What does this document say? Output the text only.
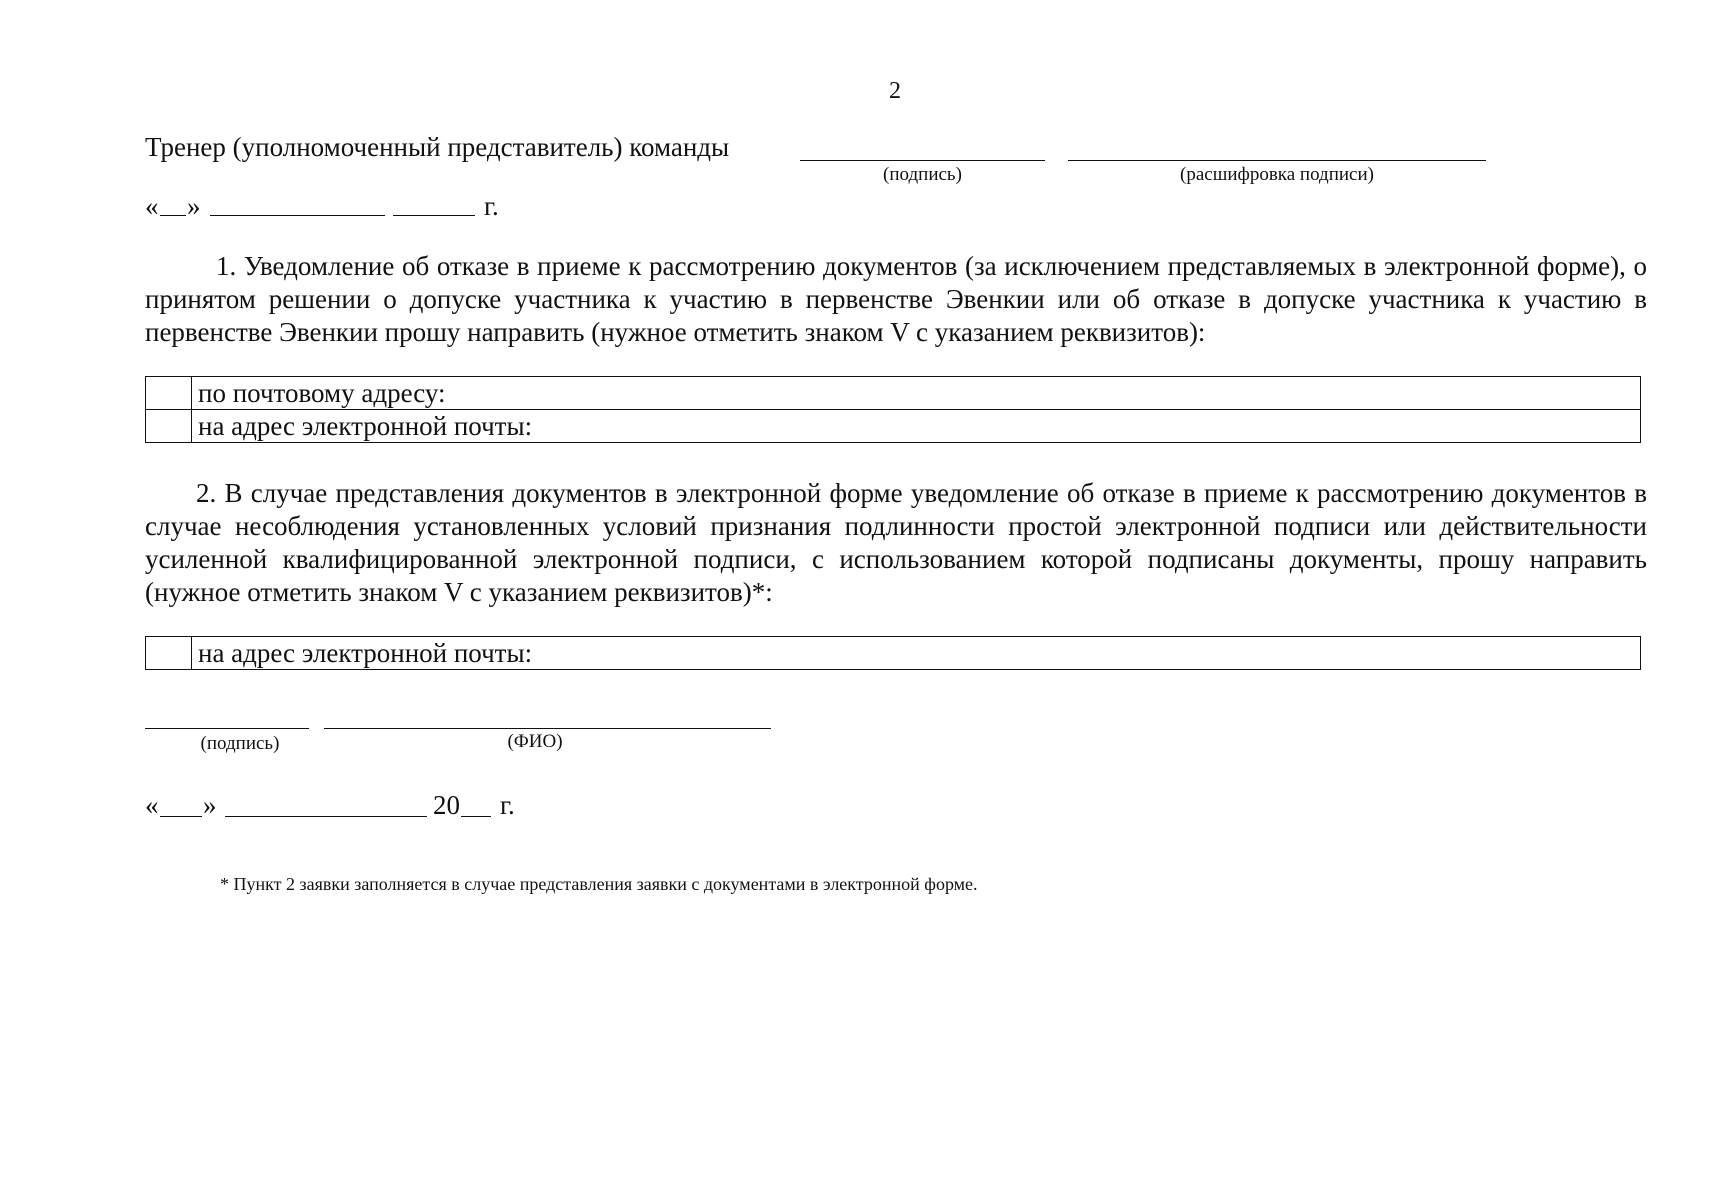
2
Тренер (уполномоченный представитель) команды
(подпись)	(расшифровка подписи)
« »	г.
1. Уведомление об отказе в приеме к рассмотрению документов (за исключением представляемых в электронной форме), о принятом решении о допуске участника к участию в первенстве Эвенкии или об отказе в допуске участника к участию в первенстве Эвенкии прошу направить (нужное отметить знаком V с указанием реквизитов):
	по почтовому адресу:
	на адрес электронной почты:
2. В случае представления документов в электронной форме уведомление об отказе в приеме к рассмотрению документов в случае несоблюдения установленных условий признания подлинности простой электронной подписи или действительности усиленной квалифицированной электронной подписи, с использованием которой подписаны документы, прошу направить (нужное отметить знаком V с указанием реквизитов)*:
	на адрес электронной почты:
(подпись)	(ФИО)
« »	20 г.
* Пункт 2 заявки заполняется в случае представления заявки с документами в электронной форме.
